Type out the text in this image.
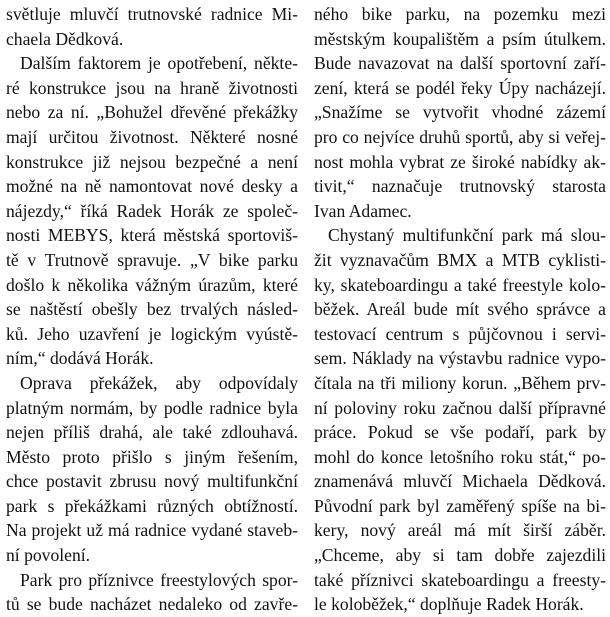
světluje mluvčí trutnovské radnice Mi-
chaela Dědková.

Dalším faktorem je opotřebení, někte-
ré konstrukce jsou na hraně životnosti
nebo za ní. „Bohužel dřevěné překážky
mají určitou životnost. Některé nosné
konstrukce již nejsou bezpečné a není
možné na ně namontovat nové desky a
nájezdy,“ říká Radek Horák ze společ-
nosti MEBYS, která městská sportoviš-
tě v Trutnově spravuje. „V bike parku
došlo k několika vážným úrazům, které
se naštěstí obešly bez trvalých násled-
ků. Jeho uzavření je logickým vyústě-
ním,“ dodává Horák.

Oprava překážek, aby odpovídaly
platným normám, by podle radnice byla
nejen příliš drahá, ale také zdlouhavá.
Město proto přišlo s jiným řešením,
chce postavit zbrusu nový multifunkční
park s překážkami různých obtížností.
Na projekt už má radnice vydané staveb-
ní povolení.

Park pro příznivce freestylových spor-
tů se bude nacházet nedaleko od zavře-

ného bike parku, na pozemku mezi
městským koupalištěm a psím útulkem.
Bude navazovat na další sportovní zaří-
zení, která se podél řeky Úpy nacházejí.
„Snažíme se vytvořit vhodné zázemí
pro co nejvíce druhů sportů, aby si veřej-
nost mohla vybrat ze široké nabídky ak-
tivit,“ naznačuje trutnovský starosta
Ivan Adamec.

Chystaný multifunkční park má slou-
žit vyznavačům BMX a MTB cyklisti-
ky, skateboardingu a také freestyle kolo-
běžek. Areál bude mít svého správce a
testovací centrum s půjčovnou i servi-
sem. Náklady na výstavbu radnice vypo-
čítala na tři miliony korun. „Během prv-
ní poloviny roku začnou další přípravné
práce. Pokud se vše podaří, park by
mohl do konce letošního roku stát,“ po-
znamenává mluvčí Michaela Dědková.
Původní park byl zaměřený spíše na bi-
kery, nový areál má mít širší záběr.
„Chceme, aby si tam dobře zajezdili
také příznivci skateboardingu a freesty-
le koloběžek,“ doplňuje Radek Horák.
